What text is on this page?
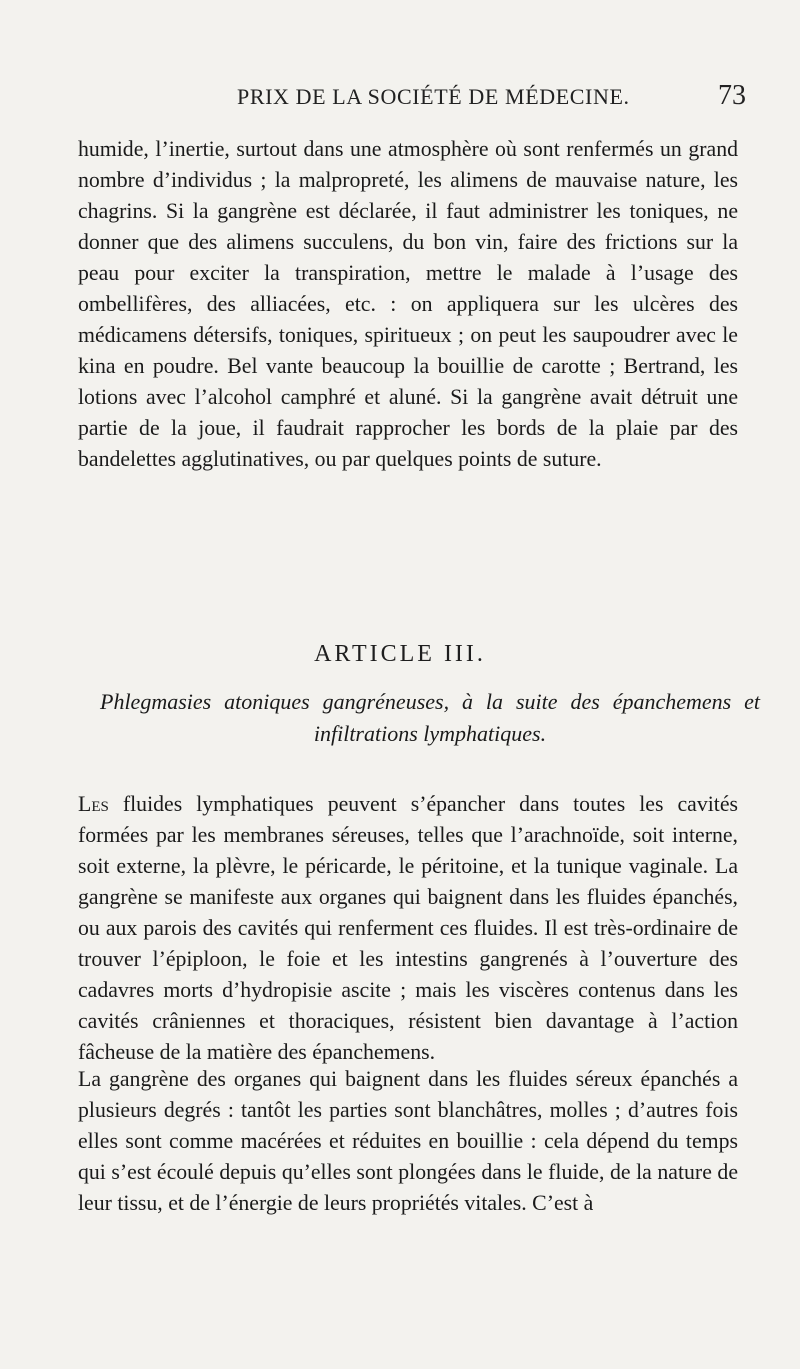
PRIX DE LA SOCIÉTÉ DE MÉDECINE.	73

humide, l’inertie, surtout dans une atmosphère où sont renfermés un grand nombre d’individus ; la malpropreté, les alimens de mauvaise nature, les chagrins. Si la gangrène est déclarée, il faut administrer les toniques, ne donner que des alimens succulens, du bon vin, faire des frictions sur la peau pour exciter la transpiration, mettre le malade à l’usage des ombellifères, des alliacées, etc. : on appliquera sur les ulcères des médicamens détersifs, toniques, spiritueux ; on peut les saupoudrer avec le kina en poudre. Bel vante beaucoup la bouillie de carotte ; Bertrand, les lotions avec l’alcohol camphré et aluné. Si la gangrène avait détruit une partie de la joue, il faudrait rapprocher les bords de la plaie par des bandelettes agglutinatives, ou par quelques points de suture.

ARTICLE III.
Phlegmasies atoniques gangréneuses, à la suite des épanchemens et infiltrations lymphatiques.

Les fluides lymphatiques peuvent s’épancher dans toutes les cavités formées par les membranes séreuses, telles que l’arachnoïde, soit interne, soit externe, la plèvre, le péricarde, le péritoine, et la tunique vaginale. La gangrène se manifeste aux organes qui baignent dans les fluides épanchés, ou aux parois des cavités qui renferment ces fluides. Il est très-ordinaire de trouver l’épiploon, le foie et les intestins gangrenés à l’ouverture des cadavres morts d’hydropisie ascite ; mais les viscères contenus dans les cavités crâniennes et thoraciques, résistent bien davantage à l’action fâcheuse de la matière des épanchemens.

La gangrène des organes qui baignent dans les fluides séreux épanchés a plusieurs degrés : tantôt les parties sont blanchâtres, molles ; d’autres fois elles sont comme macérées et réduites en bouillie : cela dépend du temps qui s’est écoulé depuis qu’elles sont plongées dans le fluide, de la nature de leur tissu, et de l’énergie de leurs propriétés vitales. C’est à
